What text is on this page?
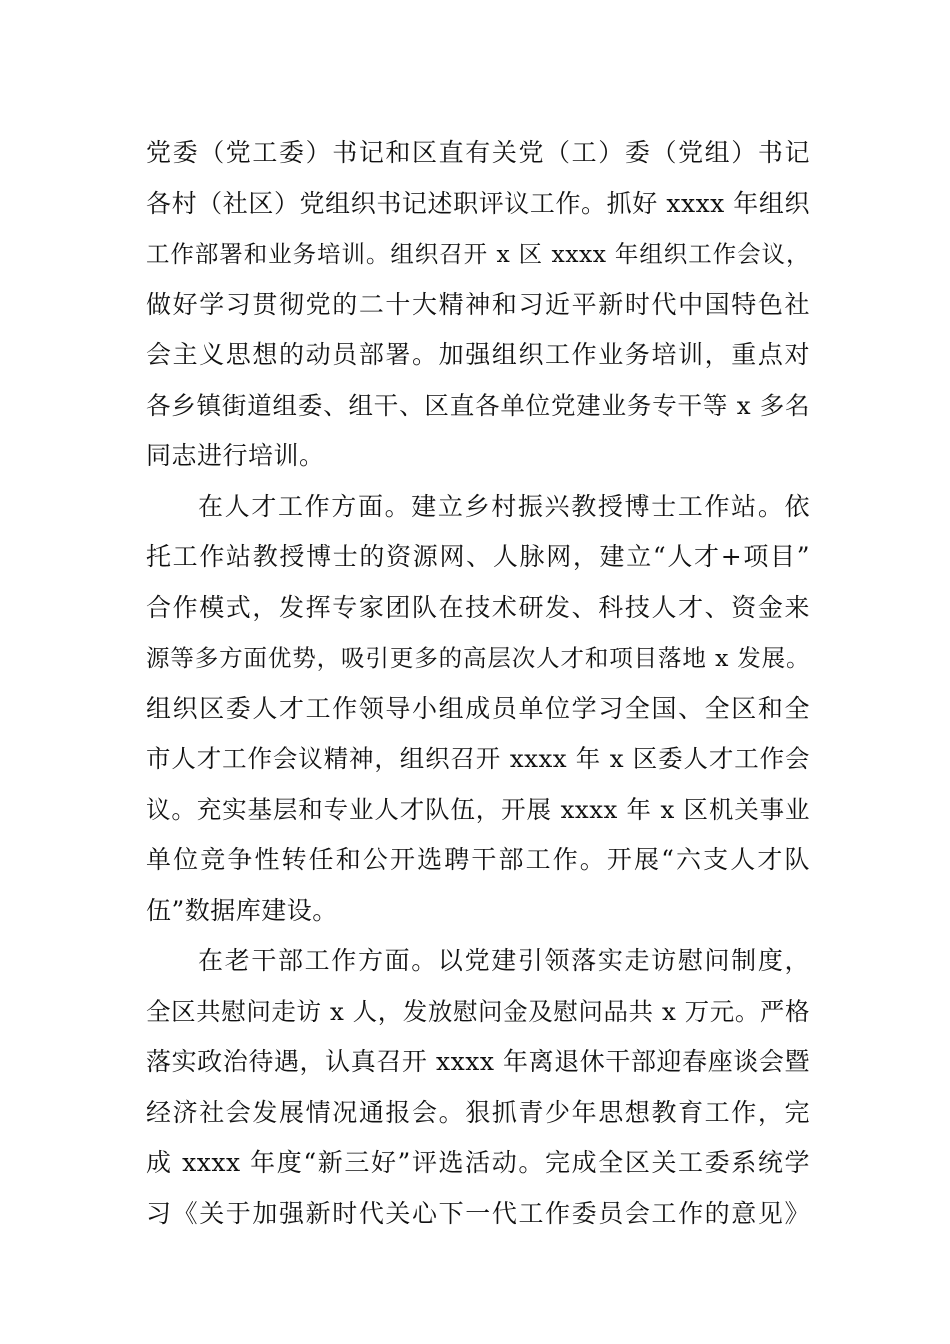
党委（党工委）书记和区直有关党（工）委（党组）书记
各村（社区）党组织书记述职评议工作。抓好 xxxx 年组织
工作部署和业务培训。组织召开 x 区 xxxx 年组织工作会议，
做好学习贯彻党的二十大精神和习近平新时代中国特色社
会主义思想的动员部署。加强组织工作业务培训，重点对
各乡镇街道组委、组干、区直各单位党建业务专干等 x 多名
同志进行培训。
在人才工作方面。建立乡村振兴教授博士工作站。依
托工作站教授博士的资源网、人脉网，建立“人才+项目”
合作模式，发挥专家团队在技术研发、科技人才、资金来
源等多方面优势，吸引更多的高层次人才和项目落地 x 发展。
组织区委人才工作领导小组成员单位学习全国、全区和全
市人才工作会议精神，组织召开 xxxx 年 x 区委人才工作会
议。充实基层和专业人才队伍，开展 xxxx 年 x 区机关事业
单位竞争性转任和公开选聘干部工作。开展“六支人才队
伍”数据库建设。
在老干部工作方面。以党建引领落实走访慰问制度，
全区共慰问走访 x 人，发放慰问金及慰问品共 x 万元。严格
落实政治待遇，认真召开 xxxx 年离退休干部迎春座谈会暨
经济社会发展情况通报会。狠抓青少年思想教育工作，完
成 xxxx 年度“新三好”评选活动。完成全区关工委系统学
习《关于加强新时代关心下一代工作委员会工作的意见》
